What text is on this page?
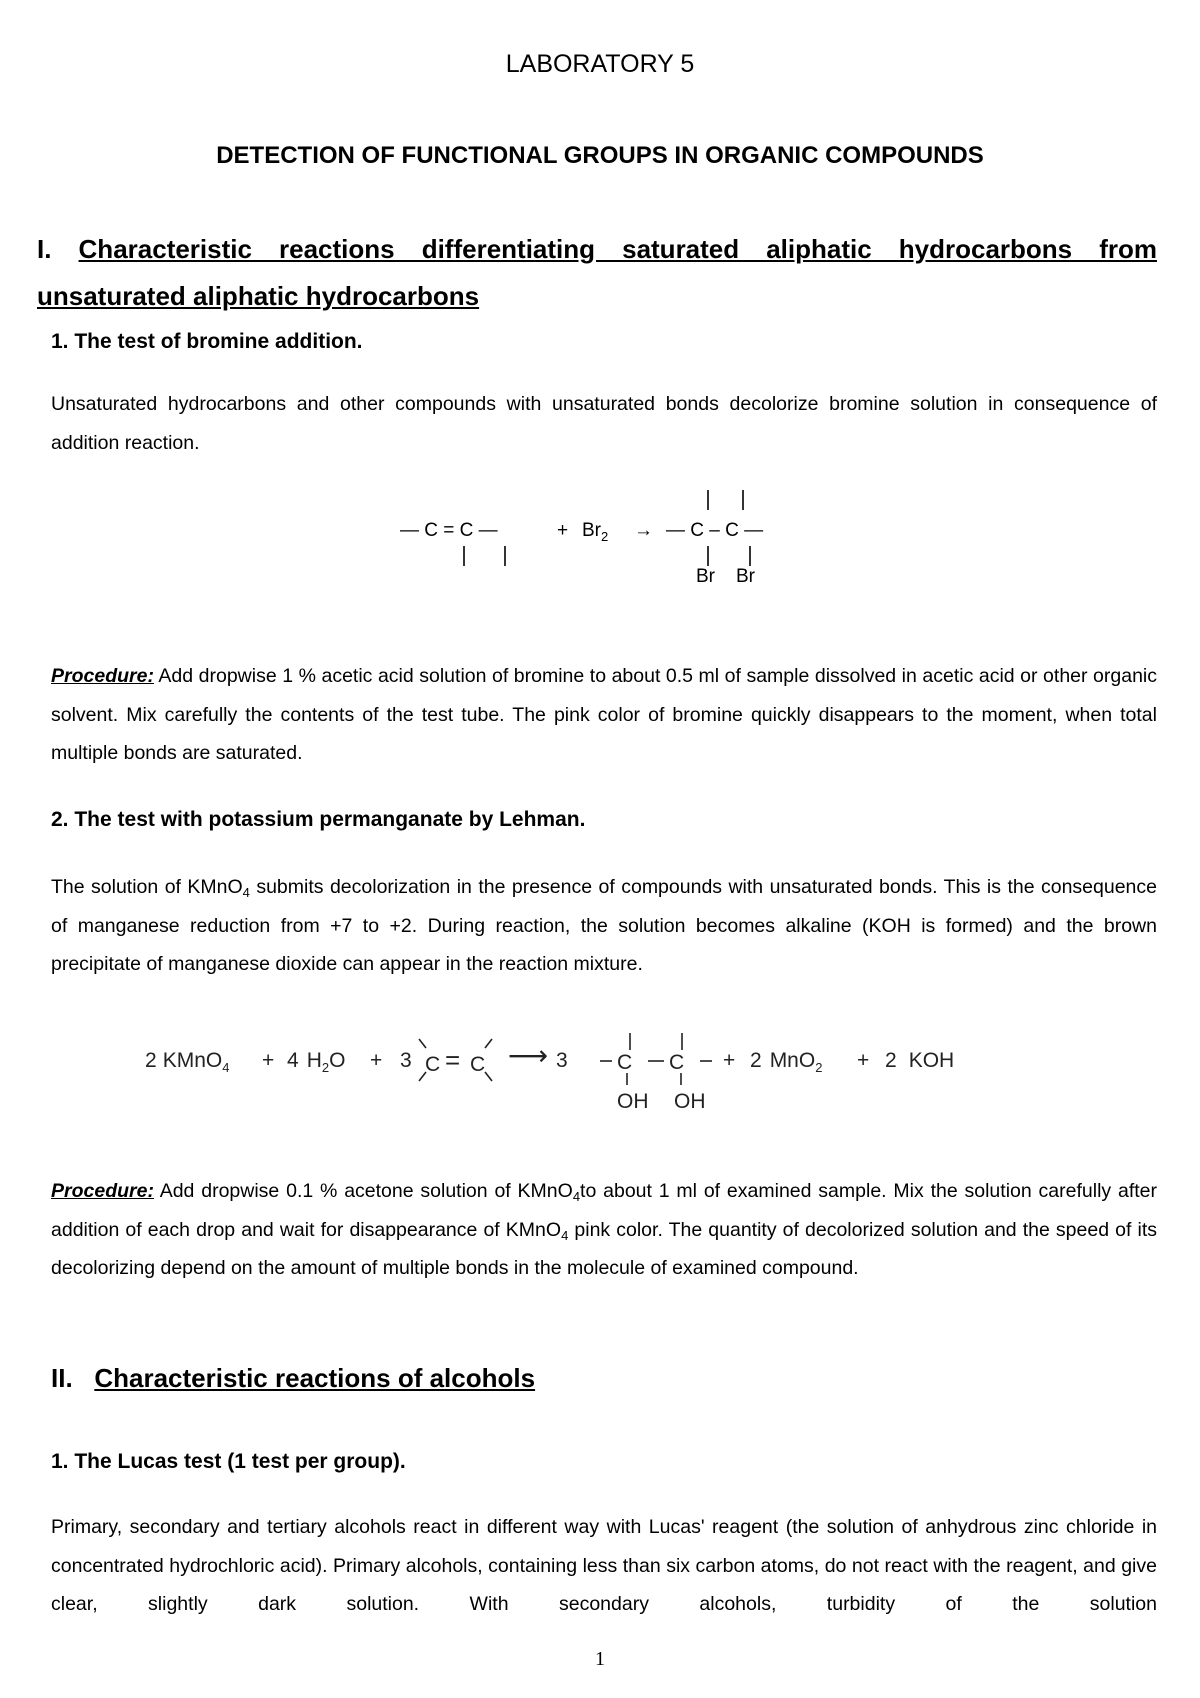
LABORATORY 5
DETECTION OF FUNCTIONAL GROUPS IN ORGANIC COMPOUNDS
I. Characteristic reactions differentiating saturated aliphatic hydrocarbons from
unsaturated aliphatic hydrocarbons
1. The test of bromine addition.
Unsaturated hydrocarbons and other compounds with unsaturated bonds decolorize bromine solution in consequence of addition reaction.
— C = C —	+ $Br_2$ → — C – C —
Br Br
Procedure: Add dropwise 1 % acetic acid solution of bromine to about 0.5 ml of sample dissolved in acetic acid or other organic solvent. Mix carefully the contents of the test tube. The pink color of bromine quickly disappears to the moment, when total multiple bonds are saturated.
2. The test with potassium permanganate by Lehman.
The solution of KMnO$_4$ submits decolorization in the presence of compounds with unsaturated bonds. This is the consequence of manganese reduction from +7 to +2. During reaction, the solution becomes alkaline (KOH is formed) and the brown precipitate of manganese dioxide can appear in the reaction mixture.
2 KMnO$_4$ + 4 $H_2O + 3$ C = C ⟶ 3 C C
OH OH
+ 2 MnO$_2$ + 2 KOH
Procedure: Add dropwise 0.1 % acetone solution of KMnO$_4$to about 1 ml of examined sample. Mix the solution carefully after addition of each drop and wait for disappearance of KMnO$_4$ pink color. The quantity of decolorized solution and the speed of its decolorizing depend on the amount of multiple bonds in the molecule of examined compound.
II. Characteristic reactions of alcohols
1. The Lucas test (1 test per group).
Primary, secondary and tertiary alcohols react in different way with Lucas' reagent (the solution of anhydrous zinc chloride in concentrated hydrochloric acid). Primary alcohols, containing less than six carbon atoms, do not react with the reagent, and give clear, slightly dark solution. With secondary alcohols, turbidity of the solution
1
